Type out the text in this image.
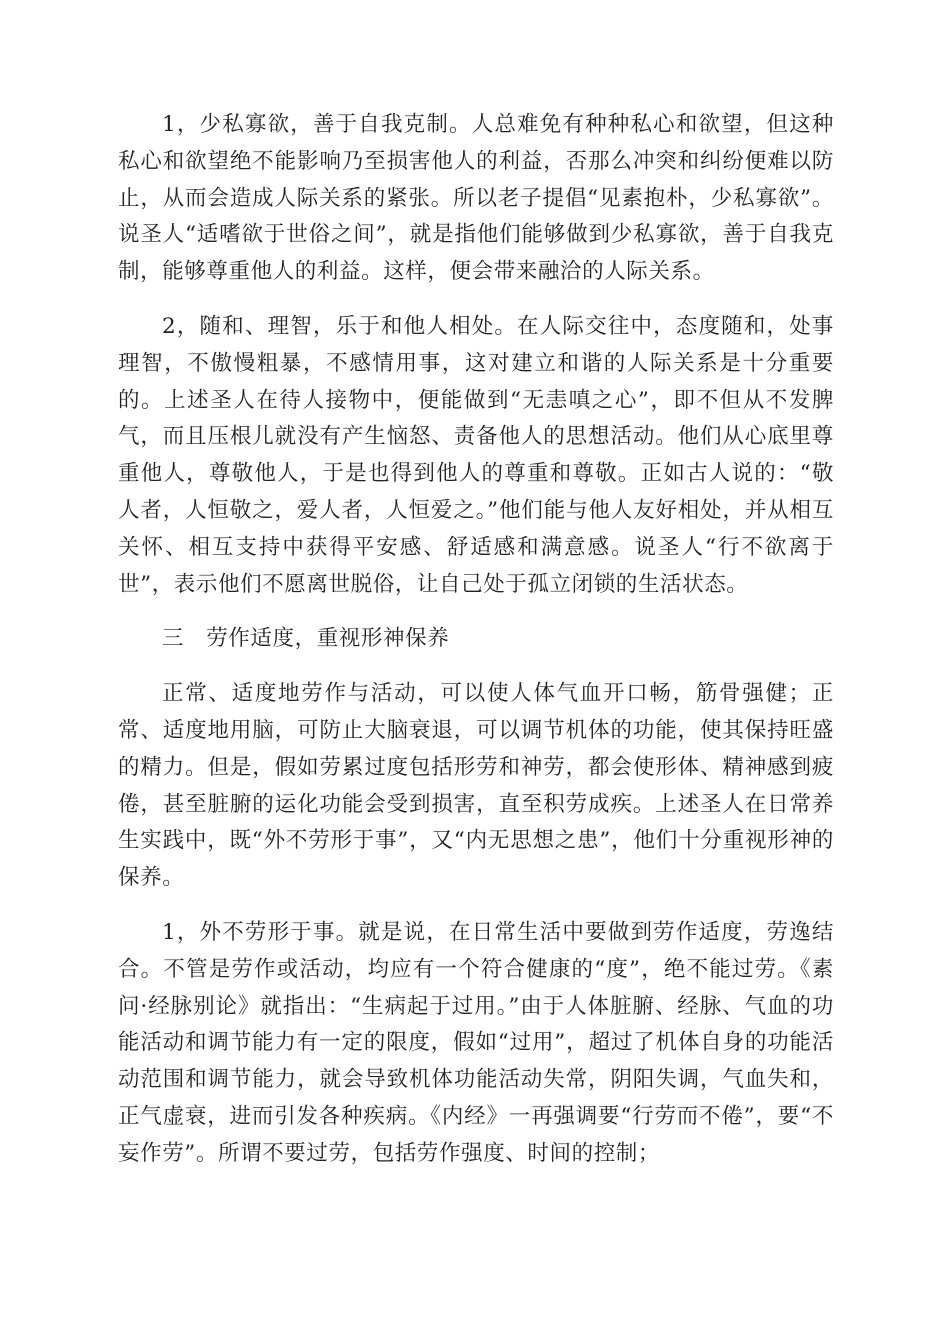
1，少私寡欲，善于自我克制。人总难免有种种私心和欲望，但这种私心和欲望绝不能影响乃至损害他人的利益，否那么冲突和纠纷便难以防止，从而会造成人际关系的紧张。所以老子提倡“见素抱朴，少私寡欲”。说圣人“适嗜欲于世俗之间”，就是指他们能够做到少私寡欲，善于自我克制，能够尊重他人的利益。这样，便会带来融洽的人际关系。

2，随和、理智，乐于和他人相处。在人际交往中，态度随和，处事理智，不傲慢粗暴，不感情用事，这对建立和谐的人际关系是十分重要的。上述圣人在待人接物中，便能做到“无恚嗔之心”，即不但从不发脾气，而且压根儿就没有产生恼怒、责备他人的思想活动。他们从心底里尊重他人，尊敬他人，于是也得到他人的尊重和尊敬。正如古人说的：“敬人者，人恒敬之，爱人者，人恒爱之。”他们能与他人友好相处，并从相互关怀、相互支持中获得平安感、舒适感和满意感。说圣人“行不欲离于世”，表示他们不愿离世脱俗，让自己处于孤立闭锁的生活状态。

三　劳作适度，重视形神保养

正常、适度地劳作与活动，可以使人体气血开口畅，筋骨强健；正常、适度地用脑，可防止大脑衰退，可以调节机体的功能，使其保持旺盛的精力。但是，假如劳累过度包括形劳和神劳，都会使形体、精神感到疲倦，甚至脏腑的运化功能会受到损害，直至积劳成疾。上述圣人在日常养生实践中，既“外不劳形于事”，又“内无思想之患”，他们十分重视形神的保养。

1，外不劳形于事。就是说，在日常生活中要做到劳作适度，劳逸结合。不管是劳作或活动，均应有一个符合健康的“度”，绝不能过劳。《素问·经脉别论》就指出：“生病起于过用。”由于人体脏腑、经脉、气血的功能活动和调节能力有一定的限度，假如“过用”，超过了机体自身的功能活动范围和调节能力，就会导致机体功能活动失常，阴阳失调，气血失和，正气虚衰，进而引发各种疾病。《内经》一再强调要“行劳而不倦”，要“不妄作劳”。所谓不要过劳，包括劳作强度、时间的控制；
